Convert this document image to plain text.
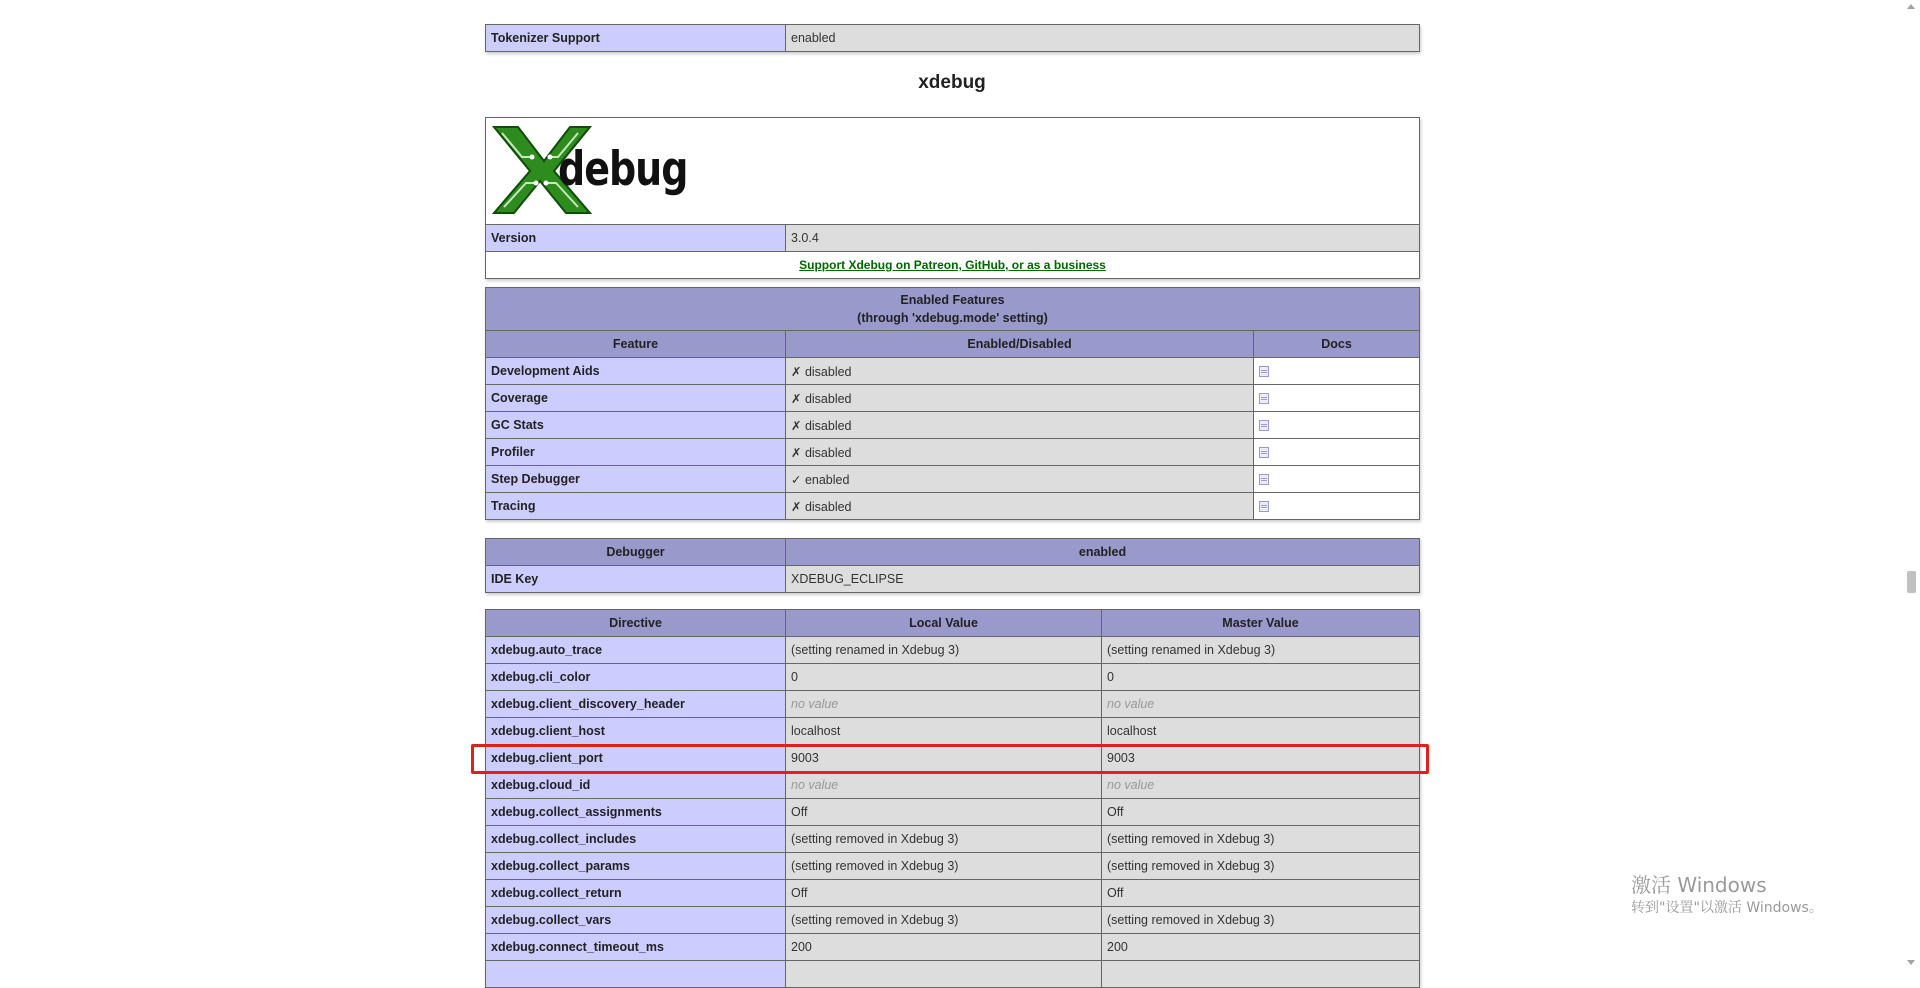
Tokenizer Support	enabled
xdebug
debug

Version	3.0.4
Support Xdebug on Patreon, GitHub, or as a business
Enabled Features
(through 'xdebug.mode' setting)		

Feature	Enabled/Disabled	Docs
Development Aids	✗ disabled	
Coverage	✗ disabled	
GC Stats	✗ disabled	
Profiler	✗ disabled	
Step Debugger	✓ enabled	
Tracing	✗ disabled	
Debugger	enabled
IDE Key	XDEBUG_ECLIPSE
Directive	Local Value	Master Value
xdebug.auto_trace	(setting renamed in Xdebug 3)	(setting renamed in Xdebug 3)
xdebug.cli_color	0	0
xdebug.client_discovery_header	no value	no value
xdebug.client_host	localhost	localhost
xdebug.client_port	9003	9003
xdebug.cloud_id	no value	no value
xdebug.collect_assignments	Off	Off
xdebug.collect_includes	(setting removed in Xdebug 3)	(setting removed in Xdebug 3)
xdebug.collect_params	(setting removed in Xdebug 3)	(setting removed in Xdebug 3)
xdebug.collect_return	Off	Off
xdebug.collect_vars	(setting removed in Xdebug 3)	(setting removed in Xdebug 3)
xdebug.connect_timeout_ms	200	200

激活 Windows
转到"设置"以激活 Windows。
